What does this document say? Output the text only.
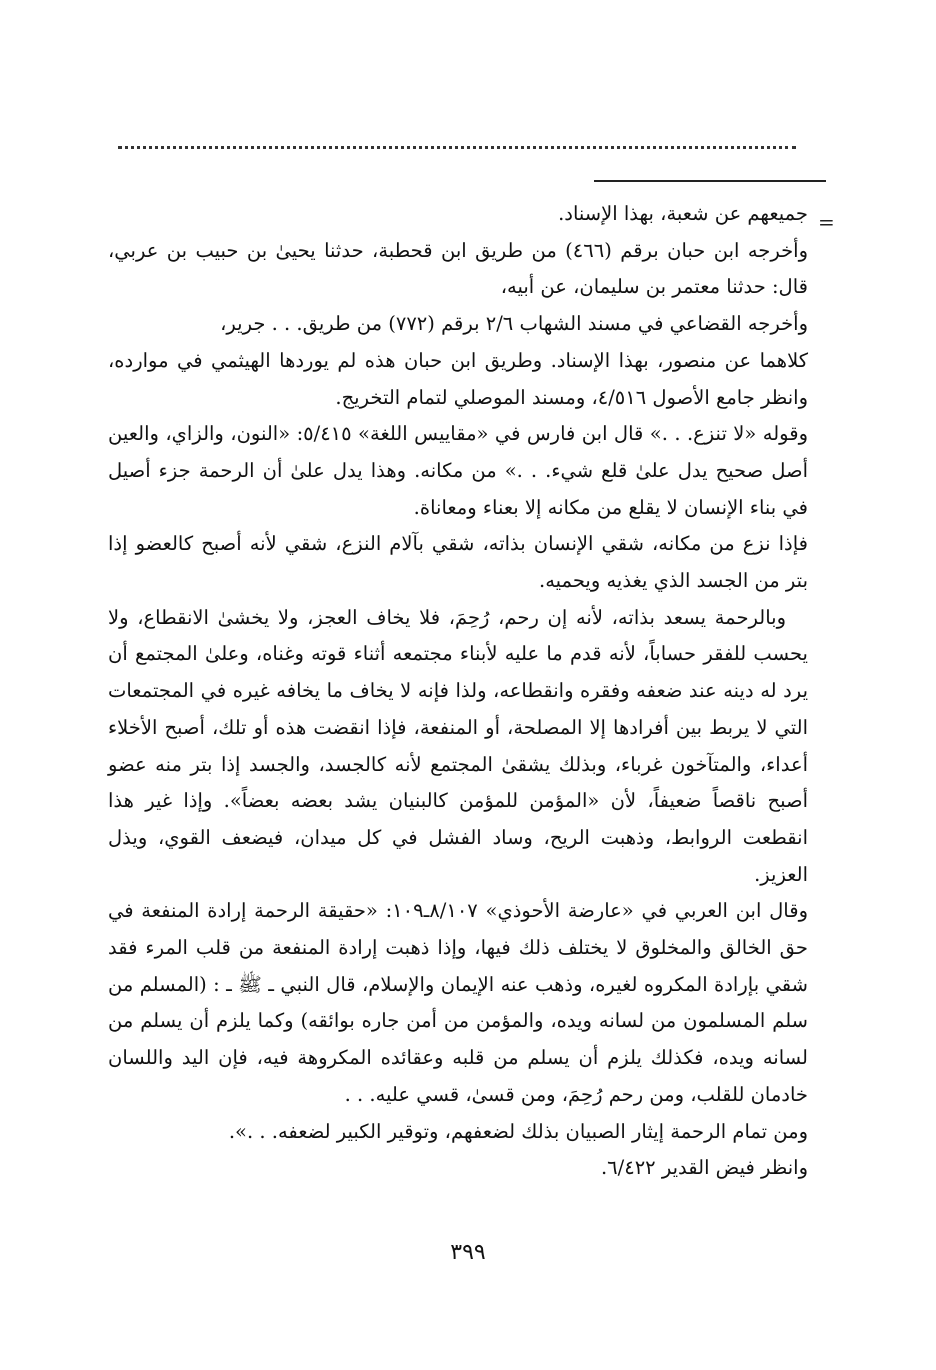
=

جميعهم عن شعبة، بهذا الإسناد.

وأخرجه ابن حبان برقم (٤٦٦) من طريق ابن قحطبة، حدثنا يحيىٰ بن حبيب بن عربي، قال: حدثنا معتمر بن سليمان، عن أبيه،

وأخرجه القضاعي في مسند الشهاب ٢/٦ برقم (٧٧٢) من طريق. . . جرير،

كلاهما عن منصور، بهذا الإسناد. وطريق ابن حبان هذه لم يوردها الهيثمي في موارده، وانظر جامع الأصول ٤/٥١٦، ومسند الموصلي لتمام التخريج.

وقوله «لا تنزع. . .» قال ابن فارس في «مقاييس اللغة» ٥/٤١٥: «النون، والزاي، والعين أصل صحيح يدل علىٰ قلع شيء. . .» من مكانه. وهذا يدل علىٰ أن الرحمة جزء أصيل في بناء الإنسان لا يقلع من مكانه إلا بعناء ومعاناة.

فإذا نزع من مكانه، شقي الإنسان بذاته، شقي بآلام النزع، شقي لأنه أصبح كالعضو إذا بتر من الجسد الذي يغذيه ويحميه.

وبالرحمة يسعد بذاته، لأنه إن رحم، رُحِمَ، فلا يخاف العجز، ولا يخشىٰ الانقطاع، ولا يحسب للفقر حساباً، لأنه قدم ما عليه لأبناء مجتمعه أثناء قوته وغناه، وعلىٰ المجتمع أن يرد له دينه عند ضعفه وفقره وانقطاعه، ولذا فإنه لا يخاف ما يخافه غيره في المجتمعات التي لا يربط بين أفرادها إلا المصلحة، أو المنفعة، فإذا انقضت هذه أو تلك، أصبح الأخلاء أعداء، والمتآخون غرباء، وبذلك يشقىٰ المجتمع لأنه كالجسد، والجسد إذا بتر منه عضو أصبح ناقصاً ضعيفاً، لأن «المؤمن للمؤمن كالبنيان يشد بعضه بعضاً». وإذا غير هذا انقطعت الروابط، وذهبت الريح، وساد الفشل في كل ميدان، فيضعف القوي، ويذل العزيز.

وقال ابن العربي في «عارضة الأحوذي» ٨/١٠٧ـ١٠٩: «حقيقة الرحمة إرادة المنفعة في حق الخالق والمخلوق لا يختلف ذلك فيها، وإذا ذهبت إرادة المنفعة من قلب المرء فقد شقي بإرادة المكروه لغيره، وذهب عنه الإيمان والإسلام، قال النبي ـ ﷺ ـ : (المسلم من سلم المسلمون من لسانه ويده، والمؤمن من أمن جاره بوائقه) وكما يلزم أن يسلم من لسانه ويده، فكذلك يلزم أن يسلم من قلبه وعقائده المكروهة فيه، فإن اليد واللسان خادمان للقلب، ومن رحم رُحِمَ، ومن قسىٰ، قسي عليه. . .

ومن تمام الرحمة إيثار الصبيان بذلك لضعفهم، وتوقير الكبير لضعفه. . .».

وانظر فيض القدير ٦/٤٢٢.

٣٩٩
